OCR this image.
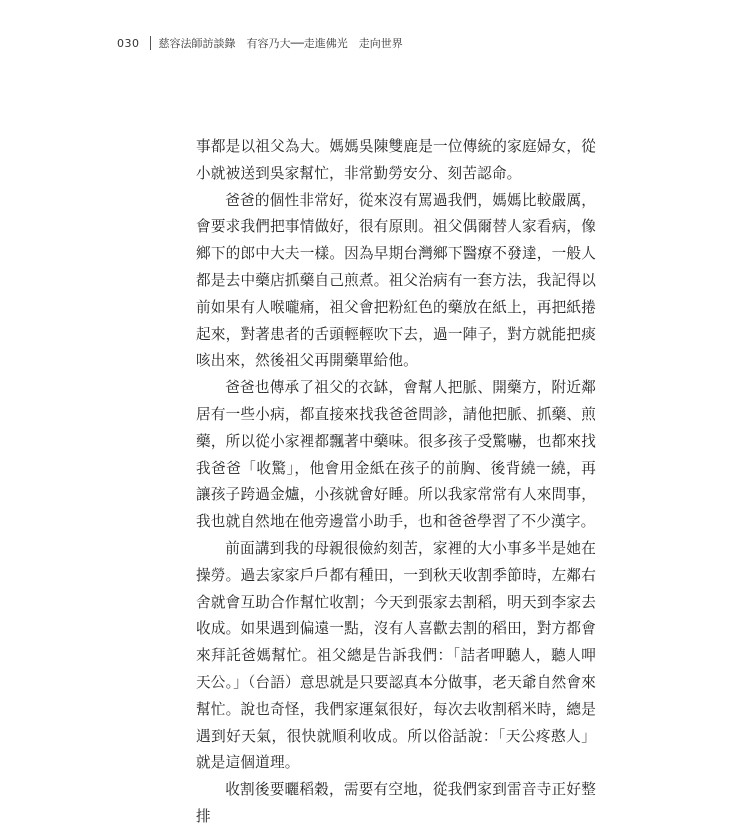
030 慈容法師訪談錄 有容乃大──走進佛光 走向世界

事都是以祖父為大。媽媽吳陳雙鹿是一位傳統的家庭婦女，從小就被送到吳家幫忙，非常勤勞安分、刻苦認命。

爸爸的個性非常好，從來沒有罵過我們，媽媽比較嚴厲，會要求我們把事情做好，很有原則。祖父偶爾替人家看病，像鄉下的郎中大夫一樣。因為早期台灣鄉下醫療不發達，一般人都是去中藥店抓藥自己煎煮。祖父治病有一套方法，我記得以前如果有人喉嚨痛，祖父會把粉紅色的藥放在紙上，再把紙捲起來，對著患者的舌頭輕輕吹下去，過一陣子，對方就能把痰咳出來，然後祖父再開藥單給他。

爸爸也傳承了祖父的衣缽，會幫人把脈、開藥方，附近鄰居有一些小病，都直接來找我爸爸問診，請他把脈、抓藥、煎藥，所以從小家裡都飄著中藥味。很多孩子受驚嚇，也都來找我爸爸「收驚」，他會用金紙在孩子的前胸、後背繞一繞，再讓孩子跨過金爐，小孩就會好睡。所以我家常常有人來問事，我也就自然地在他旁邊當小助手，也和爸爸學習了不少漢字。

前面講到我的母親很儉約刻苦，家裡的大小事多半是她在操勞。過去家家戶戶都有種田，一到秋天收割季節時，左鄰右舍就會互助合作幫忙收割；今天到張家去割稻，明天到李家去收成。如果遇到偏遠一點，沒有人喜歡去割的稻田，對方都會來拜託爸媽幫忙。祖父總是告訴我們：「詰者呷聽人，聽人呷天公。」（台語）意思就是只要認真本分做事，老天爺自然會來幫忙。說也奇怪，我們家運氣很好，每次去收割稻米時，總是遇到好天氣，很快就順利收成。所以俗話說：「天公疼憨人」就是這個道理。

收割後要曬稻穀，需要有空地，從我們家到雷音寺正好整排
